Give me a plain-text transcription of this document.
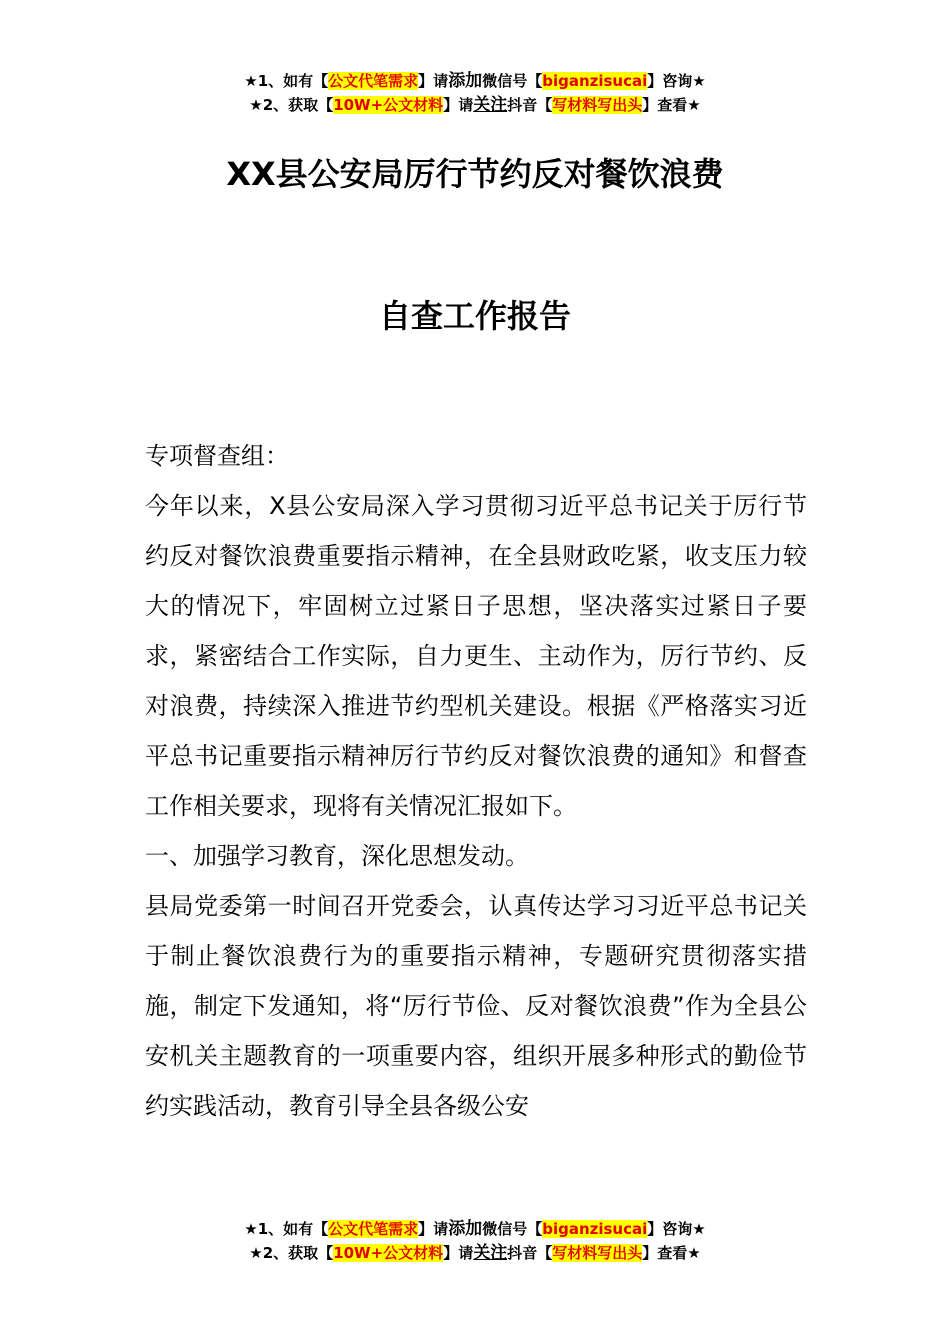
★1、如有【公文代笔需求】请添加微信号【biganzisucai】咨询★
★2、获取【10W+公文材料】请关注抖音【写材料写出头】查看★
XX县公安局厉行节约反对餐饮浪费
自查工作报告

专项督查组：

今年以来，X县公安局深入学习贯彻习近平总书记关于厉行节约反对餐饮浪费重要指示精神，在全县财政吃紧，收支压力较大的情况下，牢固树立过紧日子思想，坚决落实过紧日子要求，紧密结合工作实际，自力更生、主动作为，厉行节约、反对浪费，持续深入推进节约型机关建设。根据《严格落实习近平总书记重要指示精神厉行节约反对餐饮浪费的通知》和督查工作相关要求，现将有关情况汇报如下。

一、加强学习教育，深化思想发动。

县局党委第一时间召开党委会，认真传达学习习近平总书记关于制止餐饮浪费行为的重要指示精神，专题研究贯彻落实措施，制定下发通知，将“厉行节俭、反对餐饮浪费”作为全县公安机关主题教育的一项重要内容，组织开展多种形式的勤俭节约实践活动，教育引导全县各级公安

★1、如有【公文代笔需求】请添加微信号【biganzisucai】咨询★
★2、获取【10W+公文材料】请关注抖音【写材料写出头】查看★
